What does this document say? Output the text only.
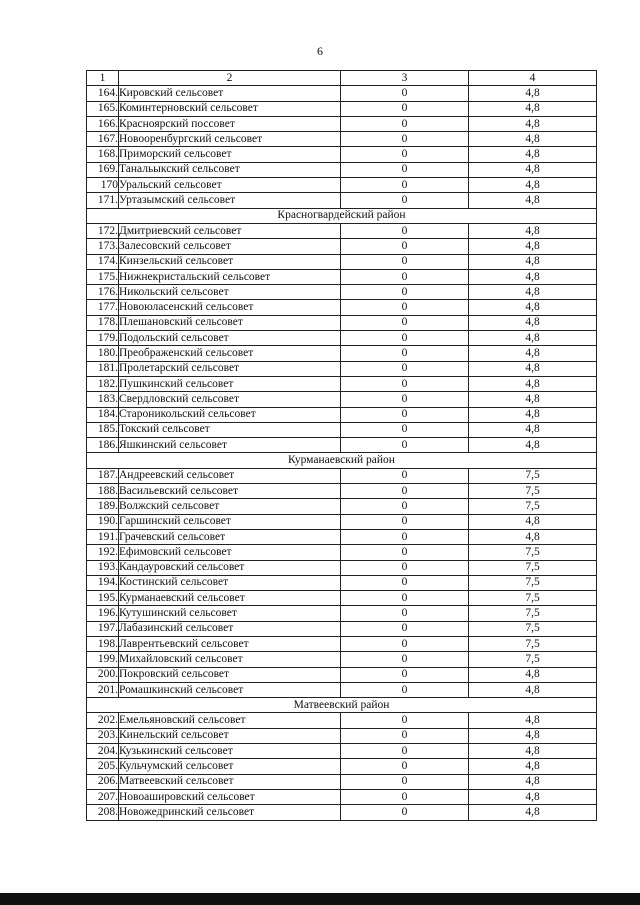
6
1	2	3	4
164.	Кировский сельсовет	0	4,8
165.	Коминтерновский сельсовет	0	4,8
166.	Красноярский поссовет	0	4,8
167.	Новооренбургский сельсовет	0	4,8
168.	Приморский сельсовет	0	4,8
169.	Танальыкский сельсовет	0	4,8
170	Уральский сельсовет	0	4,8
171.	Уртазымский сельсовет	0	4,8
Красногвардейский район			
172.	Дмитриевский сельсовет	0	4,8
173.	Залесовский сельсовет	0	4,8
174.	Кинзельский сельсовет	0	4,8
175.	Нижнекристальский сельсовет	0	4,8
176.	Никольский сельсовет	0	4,8
177.	Новоюласенский сельсовет	0	4,8
178.	Плешановский сельсовет	0	4,8
179.	Подольский сельсовет	0	4,8
180.	Преображенский сельсовет	0	4,8
181.	Пролетарский сельсовет	0	4,8
182.	Пушкинский сельсовет	0	4,8
183.	Свердловский сельсовет	0	4,8
184.	Староникольский сельсовет	0	4,8
185.	Токский сельсовет	0	4,8
186.	Яшкинский сельсовет	0	4,8
Курманаевский район			
187.	Андреевский сельсовет	0	7,5
188.	Васильевский сельсовет	0	7,5
189.	Волжский сельсовет	0	7,5
190.	Гаршинский сельсовет	0	4,8
191.	Грачевский сельсовет	0	4,8
192.	Ефимовский сельсовет	0	7,5
193.	Кандауровский сельсовет	0	7,5
194.	Костинский сельсовет	0	7,5
195.	Курманаевский сельсовет	0	7,5
196.	Кутушинский сельсовет	0	7,5
197.	Лабазинский сельсовет	0	7,5
198.	Лаврентьевский сельсовет	0	7,5
199.	Михайловский сельсовет	0	7,5
200.	Покровский сельсовет	0	4,8
201.	Ромашкинский сельсовет	0	4,8
Матвеевский район			
202.	Емельяновский сельсовет	0	4,8
203.	Кинельский сельсовет	0	4,8
204.	Кузькинский сельсовет	0	4,8
205.	Кульчумский сельсовет	0	4,8
206.	Матвеевский сельсовет	0	4,8
207.	Новоашировский сельсовет	0	4,8
208.	Новожедринский сельсовет	0	4,8
